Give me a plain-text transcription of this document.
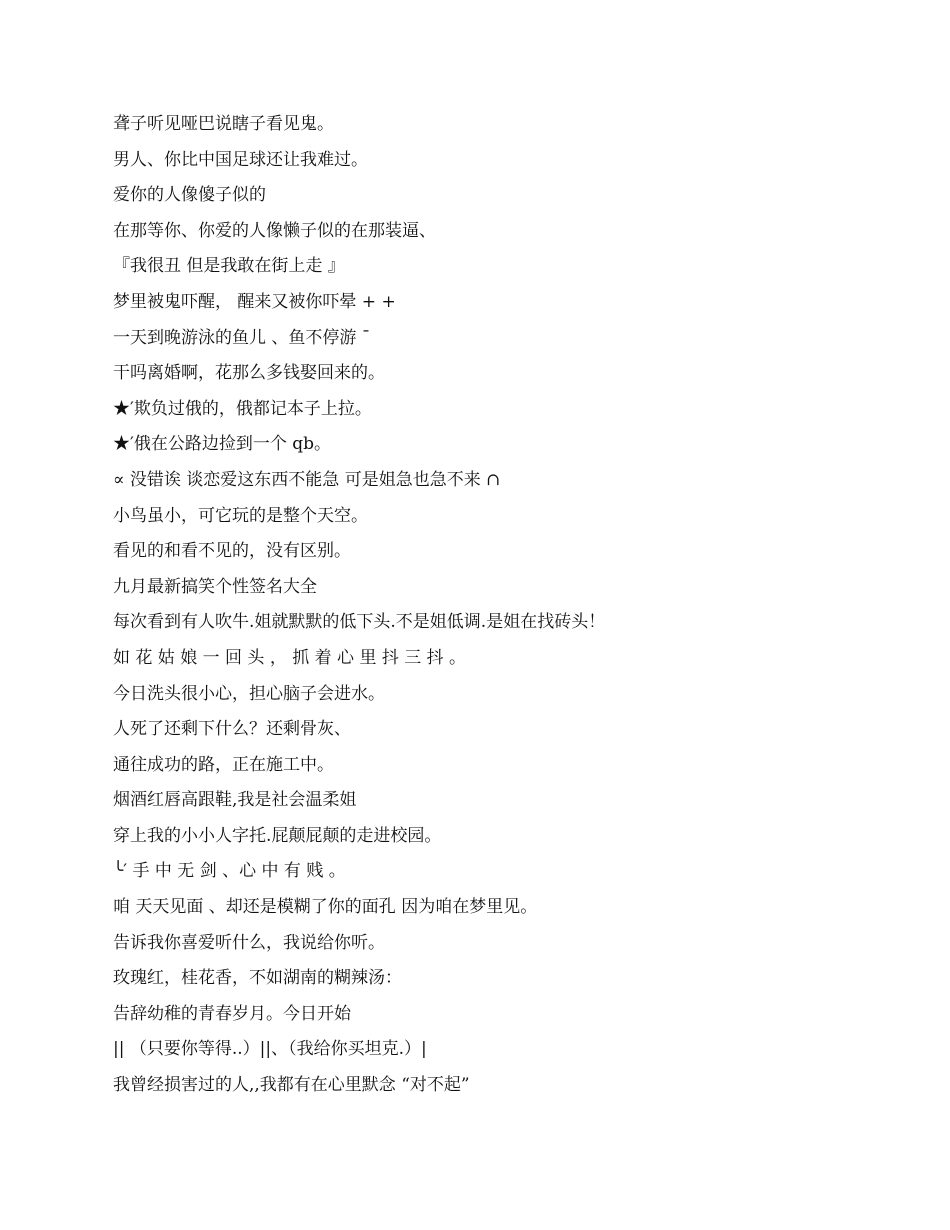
聋子听见哑巴说瞎子看见鬼。
男人、你比中国足球还让我难过。
爱你的人像傻子似的
在那等你、你爱的人像懒子似的在那装逼、
『我很丑 但是我敢在街上走 』
梦里被鬼吓醒， 醒来又被你吓晕 + +
一天到晚游泳的鱼儿 、鱼不停游 ˉ
干吗离婚啊，花那么多钱娶回来的。
★′欺负过俄的，俄都记本子上拉。
★′俄在公路边捡到一个 qb。
∝ 没错诶 谈恋爱这东西不能急 可是姐急也急不来 ∩
小鸟虽小，可它玩的是整个天空。
看见的和看不见的，没有区别。
九月最新搞笑个性签名大全
每次看到有人吹牛.姐就默默的低下头.不是姐低调.是姐在找砖头！
如 花 姑 娘 一 回 头 ， 抓 着 心 里 抖 三 抖 。
今日洗头很小心，担心脑子会进水。
人死了还剩下什么？还剩骨灰、
通往成功的路，正在施工中。
烟酒红唇高跟鞋,我是社会温柔姐
穿上我的小小人字托.屁颠屁颠的走进校园。
╰′ 手 中 无 剑 、心 中 有 贱 。
咱 天天见面 、却还是模糊了你的面孔 因为咱在梦里见。
告诉我你喜爱听什么，我说给你听。
玫瑰红，桂花香，不如湖南的糊辣汤：
告辞幼稚的青春岁月。今日开始
|| （只要你等得..）||、（我给你买坦克.）|
我曾经损害过的人,,我都有在心里默念 “对不起”
